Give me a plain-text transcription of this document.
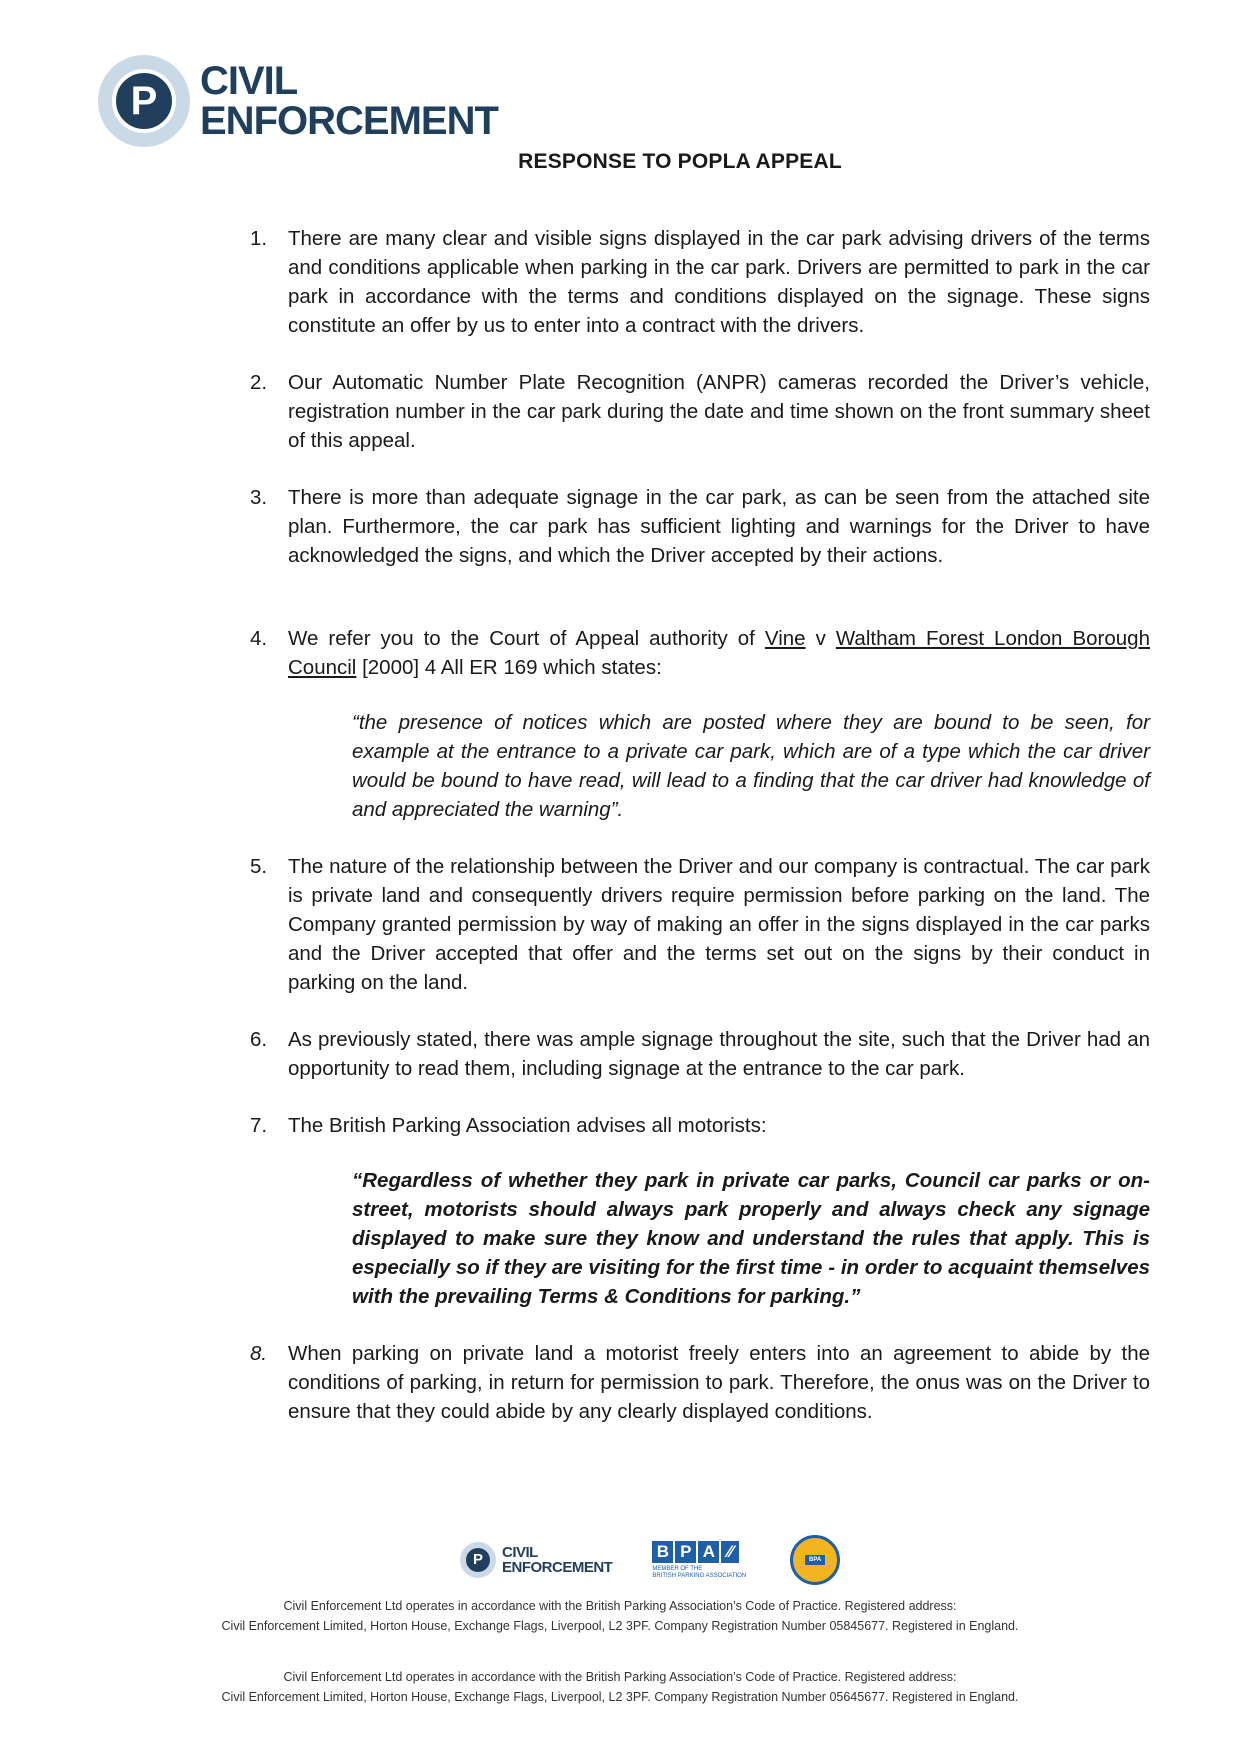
P	CIVIL
ENFORCEMENT
RESPONSE TO POPLA APPEAL
1. There are many clear and visible signs displayed in the car park advising drivers of the terms and conditions applicable when parking in the car park. Drivers are permitted to park in the car park in accordance with the terms and conditions displayed on the signage. These signs constitute an offer by us to enter into a contract with the drivers.
2. Our Automatic Number Plate Recognition (ANPR) cameras recorded the Driver’s vehicle, registration number in the car park during the date and time shown on the front summary sheet of this appeal.
3. There is more than adequate signage in the car park, as can be seen from the attached site plan. Furthermore, the car park has sufficient lighting and warnings for the Driver to have acknowledged the signs, and which the Driver accepted by their actions.
4. We refer you to the Court of Appeal authority of Vine v Waltham Forest London Borough Council [2000] 4 All ER 169 which states:
“the presence of notices which are posted where they are bound to be seen, for example at the entrance to a private car park, which are of a type which the car driver would be bound to have read, will lead to a finding that the car driver had knowledge of and appreciated the warning”.
5. The nature of the relationship between the Driver and our company is contractual. The car park is private land and consequently drivers require permission before parking on the land. The Company granted permission by way of making an offer in the signs displayed in the car parks and the Driver accepted that offer and the terms set out on the signs by their conduct in parking on the land.
6. As previously stated, there was ample signage throughout the site, such that the Driver had an opportunity to read them, including signage at the entrance to the car park.
7. The British Parking Association advises all motorists:
“Regardless of whether they park in private car parks, Council car parks or on-street, motorists should always park properly and always check any signage displayed to make sure they know and understand the rules that apply. This is especially so if they are visiting for the first time - in order to acquaint themselves with the prevailing Terms & Conditions for parking.”
8. When parking on private land a motorist freely enters into an agreement to abide by the conditions of parking, in return for permission to park. Therefore, the onus was on the Driver to ensure that they could abide by any clearly displayed conditions.
P	CIVIL
ENFORCEMENT
B P A ⁄⁄
MEMBER OF THE
BRITISH PARKING ASSOCIATION
BPA
Civil Enforcement Ltd operates in accordance with the British Parking Association’s Code of Practice. Registered address:
Civil Enforcement Limited, Horton House, Exchange Flags, Liverpool, L2 3PF. Company Registration Number 05845677. Registered in England.
Civil Enforcement Ltd operates in accordance with the British Parking Association’s Code of Practice. Registered address:
Civil Enforcement Limited, Horton House, Exchange Flags, Liverpool, L2 3PF. Company Registration Number 05645677. Registered in England.
